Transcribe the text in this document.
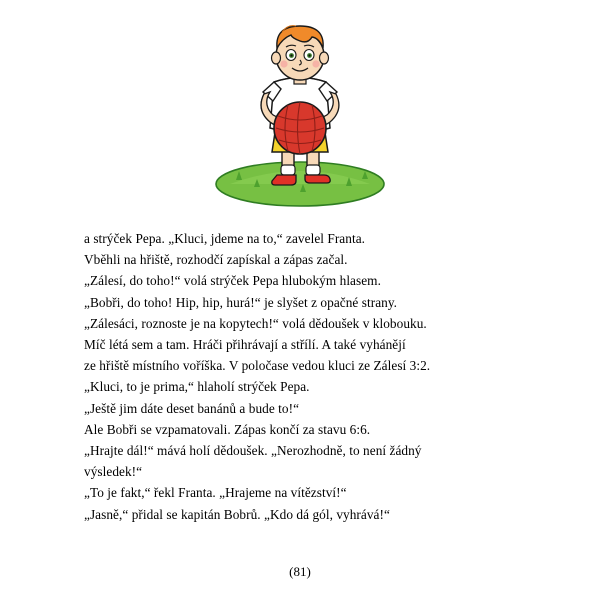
a strýček Pepa. „Kluci, jdeme na to,“ zavelel Franta.
Vběhli na hřiště, rozhodčí zapískal a zápas začal.
„Zálesí, do toho!“ volá strýček Pepa hlubokým hlasem.
„Bobři, do toho! Hip, hip, hurá!“ je slyšet z opačné strany.
„Zálesáci, roznoste je na kopytech!“ volá dědoušek v klobouku.
Míč létá sem a tam. Hráči přihrávají a střílí. A také vyhánějí
ze hřiště místního voříška. V poločase vedou kluci ze Zálesí 3:2.
„Kluci, to je prima,“ hlaholí strýček Pepa.
„Ještě jim dáte deset banánů a bude to!“
Ale Bobři se vzpamatovali. Zápas končí za stavu 6:6.
„Hrajte dál!“ mává holí dědoušek. „Nerozhodně, to není žádný
výsledek!“
„To je fakt,“ řekl Franta. „Hrajeme na vítězství!“
„Jasně,“ přidal se kapitán Bobrů. „Kdo dá gól, vyhrává!“
(81)
